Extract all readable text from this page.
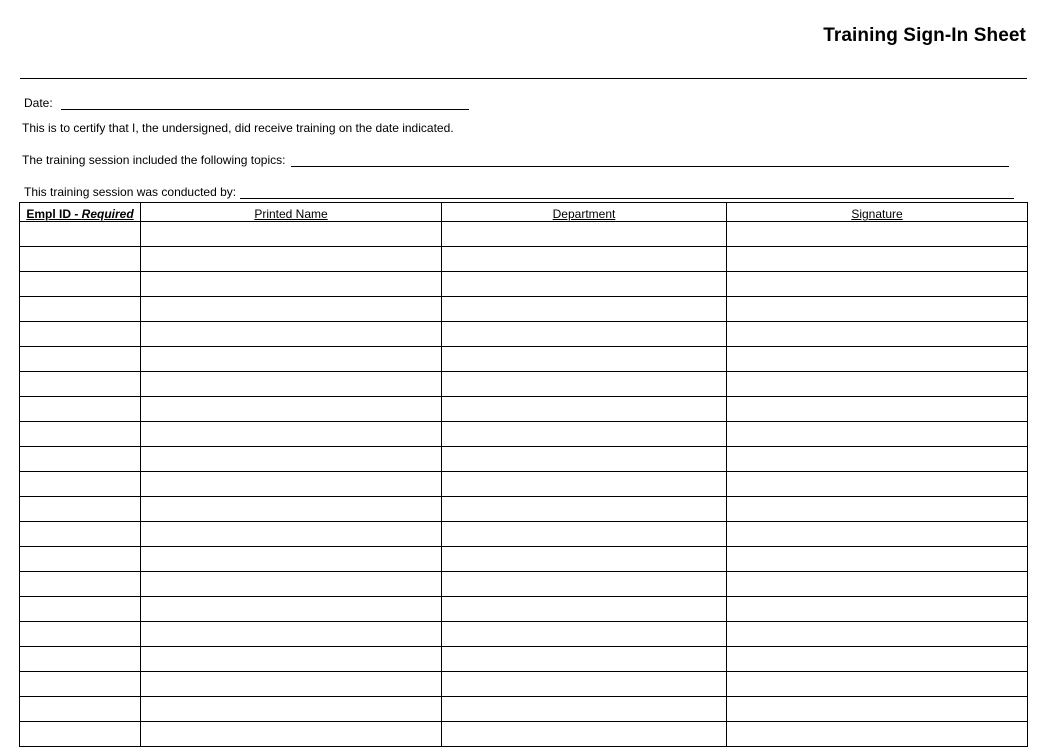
Training Sign-In Sheet
Date:
This is to certify that I, the undersigned, did receive training on the date indicated.
The training session included the following topics:
This training session was conducted by:
Empl ID - Required	Printed Name	Department	Signature
